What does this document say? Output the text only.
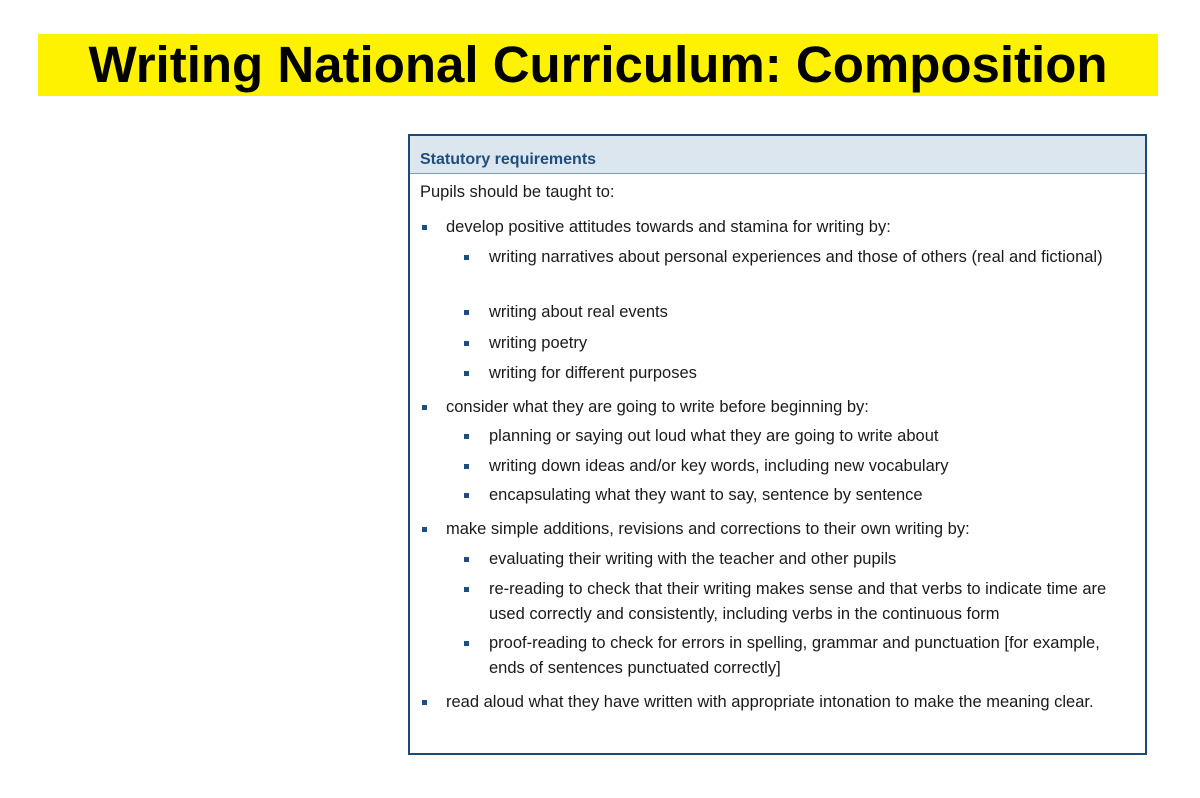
Writing National Curriculum: Composition
Statutory requirements
Pupils should be taught to:
develop positive attitudes towards and stamina for writing by:
writing narratives about personal experiences and those of others (real and fictional)
writing about real events
writing poetry
writing for different purposes
consider what they are going to write before beginning by:
planning or saying out loud what they are going to write about
writing down ideas and/or key words, including new vocabulary
encapsulating what they want to say, sentence by sentence
make simple additions, revisions and corrections to their own writing by:
evaluating their writing with the teacher and other pupils
re-reading to check that their writing makes sense and that verbs to indicate time are used correctly and consistently, including verbs in the continuous form
proof-reading to check for errors in spelling, grammar and punctuation [for example, ends of sentences punctuated correctly]
read aloud what they have written with appropriate intonation to make the meaning clear.
